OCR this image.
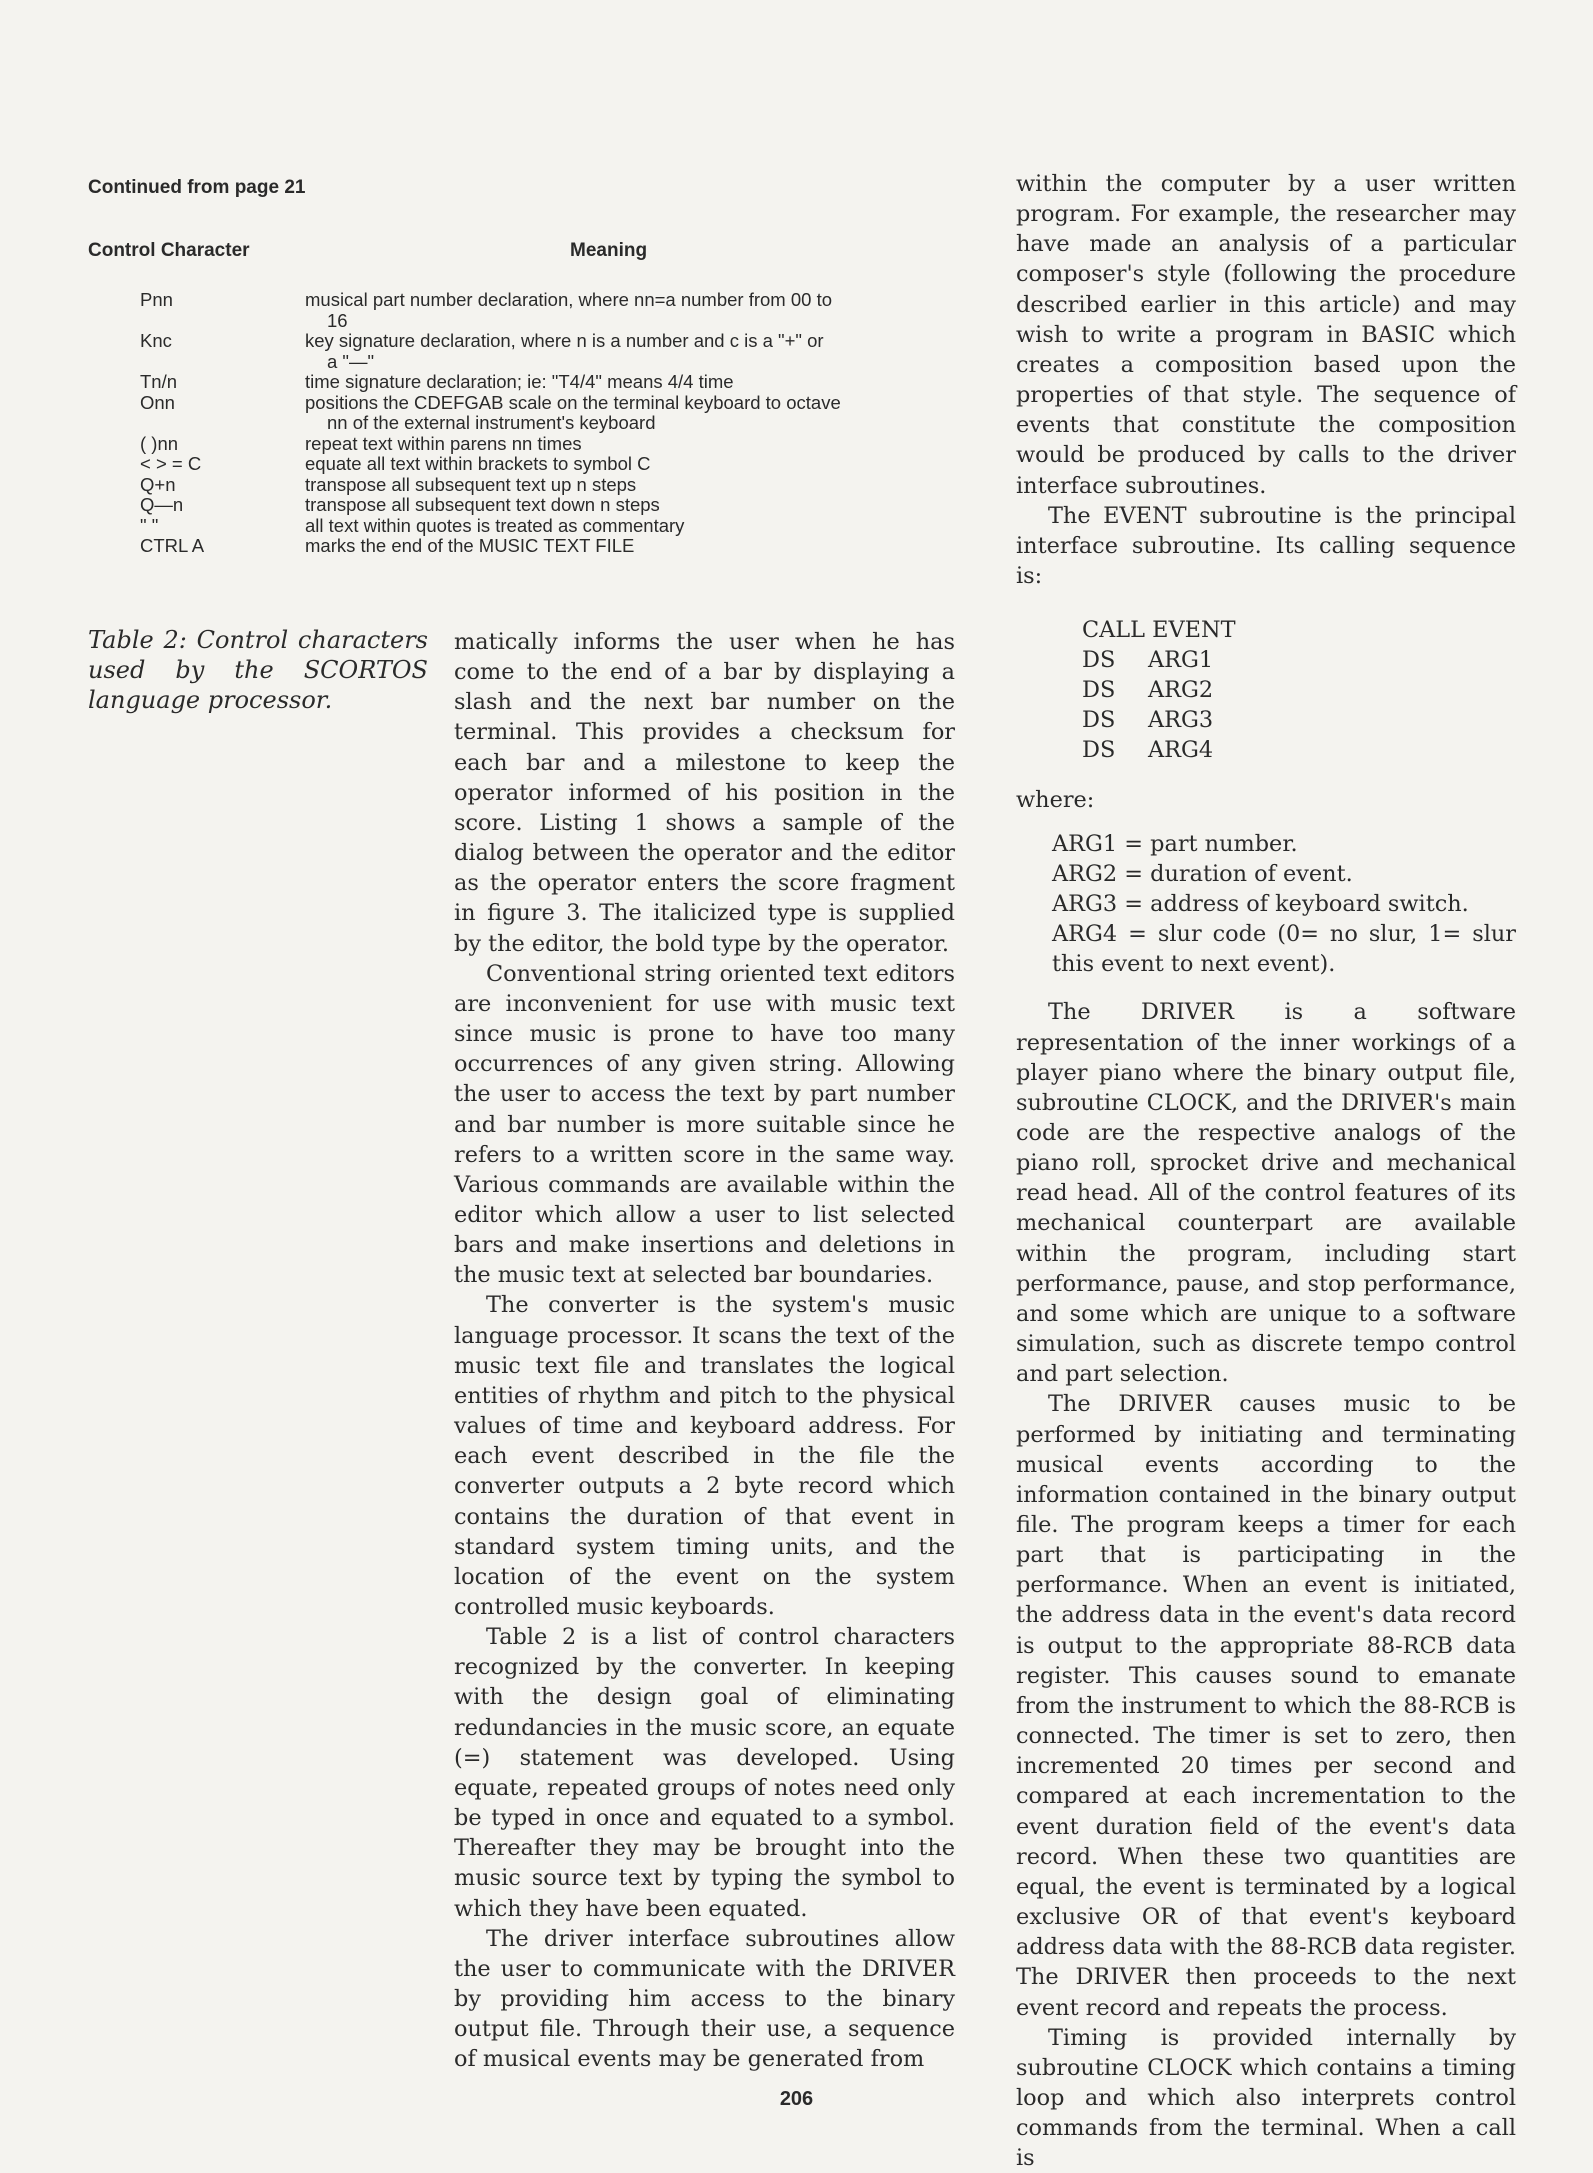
Continued from page 21
Control Character	Meaning
Pnn	musical part number declaration, where nn=a number from 00 to
16
Knc	key signature declaration, where n is a number and c is a "+" or
a "—"
Tn/n	time signature declaration; ie: "T4/4" means 4/4 time
Onn	positions the CDEFGAB scale on the terminal keyboard to octave
nn of the external instrument's keyboard
( )nn	repeat text within parens nn times
< > = C	equate all text within brackets to symbol C
Q+n	transpose all subsequent text up n steps
Q—n	transpose all subsequent text down n steps
" "	all text within quotes is treated as commentary
CTRL A	marks the end of the MUSIC TEXT FILE
Table 2: Control characters used by the SCORTOS language processor.

matically informs the user when he has come to the end of a bar by displaying a slash and the next bar number on the terminal. This provides a checksum for each bar and a milestone to keep the operator informed of his position in the score. Listing 1 shows a sample of the dialog between the operator and the editor as the operator enters the score fragment in figure 3. The italicized type is supplied by the editor, the bold type by the operator.

Conventional string oriented text editors are inconvenient for use with music text since music is prone to have too many occurrences of any given string. Allowing the user to access the text by part number and bar number is more suitable since he refers to a written score in the same way. Various commands are available within the editor which allow a user to list selected bars and make insertions and deletions in the music text at selected bar boundaries.

The converter is the system's music language processor. It scans the text of the music text file and translates the logical entities of rhythm and pitch to the physical values of time and keyboard address. For each event described in the file the converter outputs a 2 byte record which contains the duration of that event in standard system timing units, and the location of the event on the system controlled music keyboards.

Table 2 is a list of control characters recognized by the converter. In keeping with the design goal of eliminating redundancies in the music score, an equate (=) statement was developed. Using equate, repeated groups of notes need only be typed in once and equated to a symbol. Thereafter they may be brought into the music source text by typing the symbol to which they have been equated.

The driver interface subroutines allow the user to communicate with the DRIVER by providing him access to the binary output file. Through their use, a sequence of musical events may be generated from

within the computer by a user written program. For example, the researcher may have made an analysis of a particular composer's style (following the procedure described earlier in this article) and may wish to write a program in BASIC which creates a composition based upon the properties of that style. The sequence of events that constitute the composition would be produced by calls to the driver interface subroutines.

The EVENT subroutine is the principal interface subroutine. Its calling sequence is:

CALL EVENT
DS ARG1
DS ARG2
DS ARG3
DS ARG4
where:
ARG1 = part number.
ARG2 = duration of event.
ARG3 = address of keyboard switch.
ARG4 = slur code (0= no slur, 1= slur this event to next event).

The DRIVER is a software representation of the inner workings of a player piano where the binary output file, subroutine CLOCK, and the DRIVER's main code are the respective analogs of the piano roll, sprocket drive and mechanical read head. All of the control features of its mechanical counterpart are available within the program, including start performance, pause, and stop performance, and some which are unique to a software simulation, such as discrete tempo control and part selection.

The DRIVER causes music to be performed by initiating and terminating musical events according to the information contained in the binary output file. The program keeps a timer for each part that is participating in the performance. When an event is initiated, the address data in the event's data record is output to the appropriate 88-RCB data register. This causes sound to emanate from the instrument to which the 88-RCB is connected. The timer is set to zero, then incremented 20 times per second and compared at each incrementation to the event duration field of the event's data record. When these two quantities are equal, the event is terminated by a logical exclusive OR of that event's keyboard address data with the 88-RCB data register. The DRIVER then proceeds to the next event record and repeats the process.

Timing is provided internally by subroutine CLOCK which contains a timing loop and which also interprets control commands from the terminal. When a call is

206
